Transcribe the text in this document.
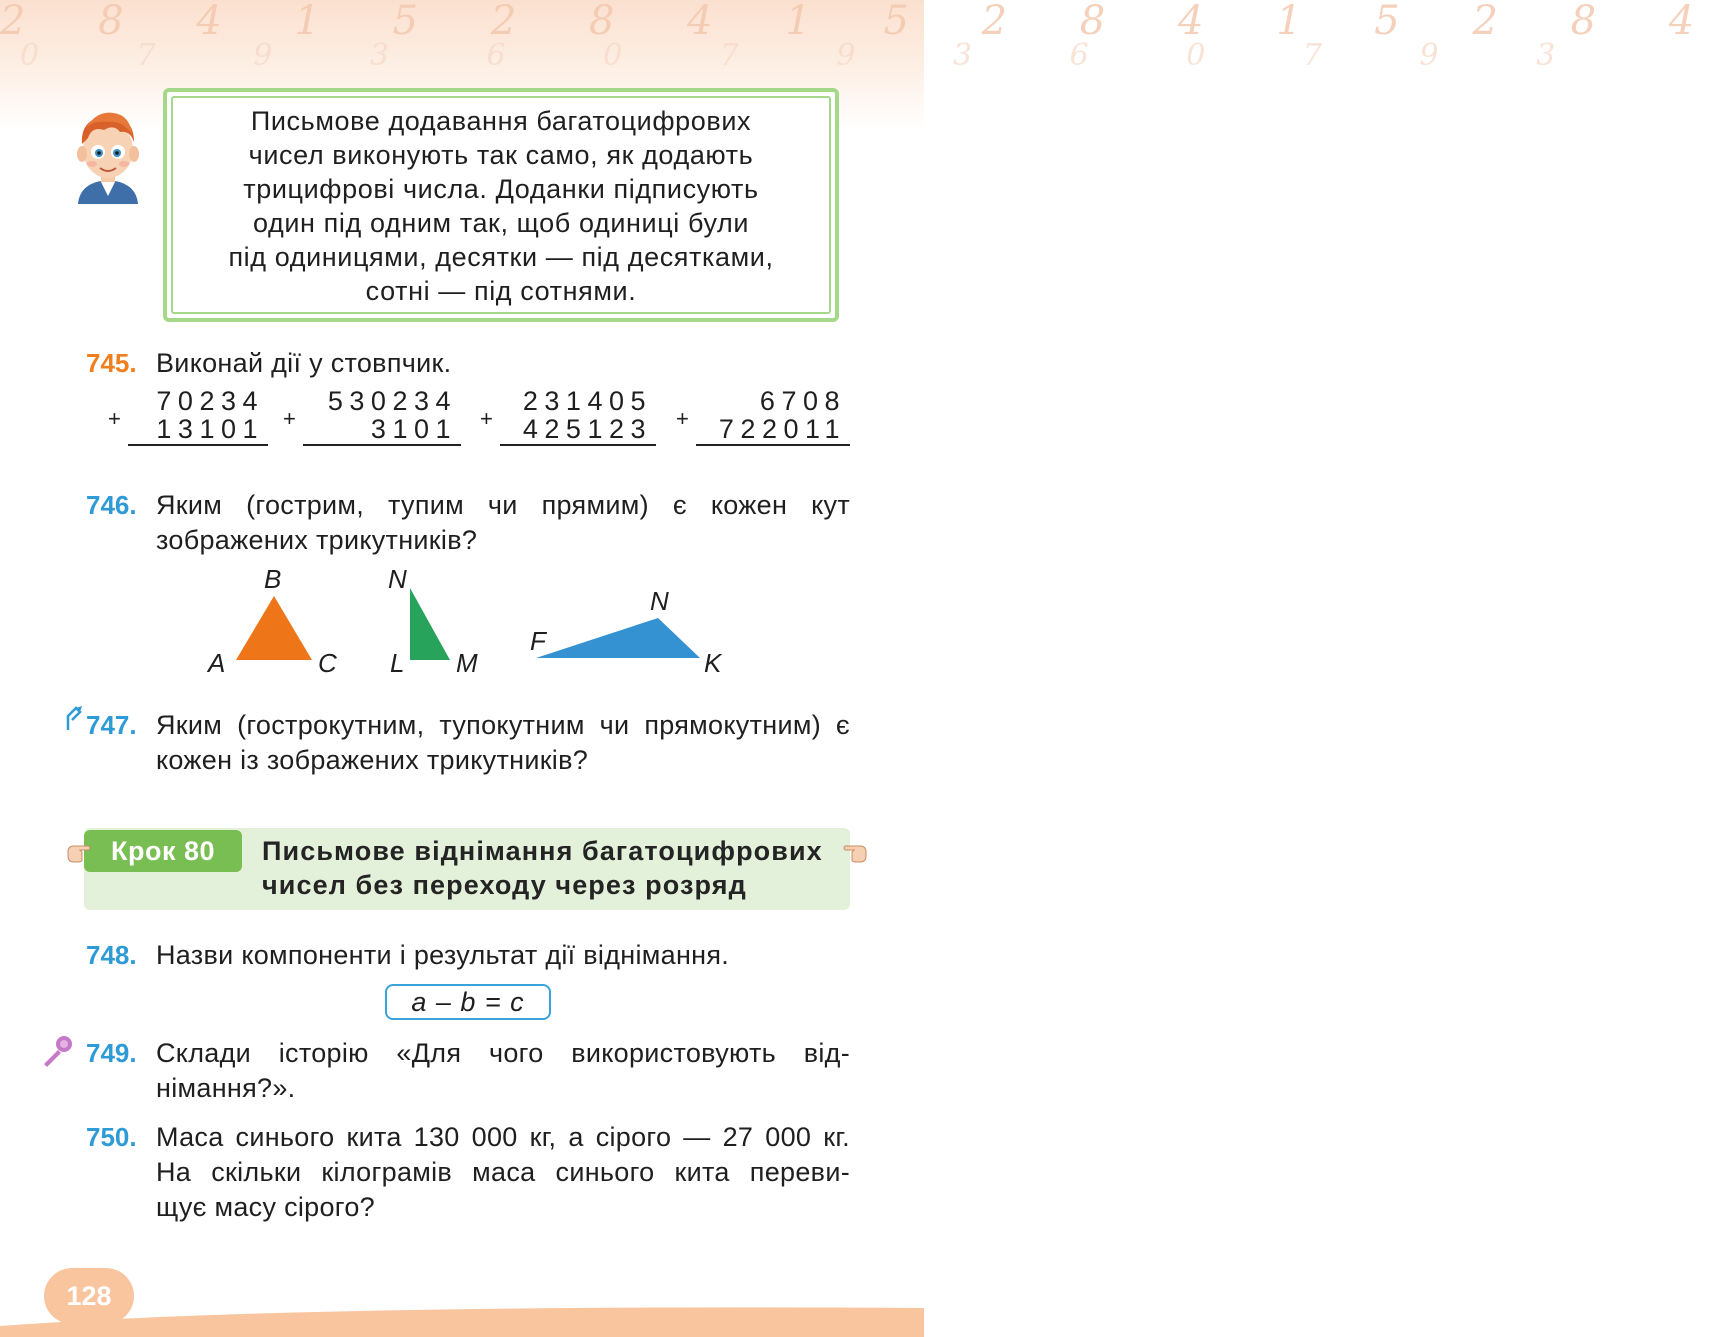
2 8 4 1 5 2 8 4 1 5 2 8 4 1 5 2 8 4
0 7 9 3 6 0 7 9 3 6 0 7 9 3
Письмове додавання багатоцифрових
чисел виконують так само, як додають
трицифрові числа. Доданки підписують
один під одним так, щоб одиниці були
під одиницями, десятки — під десятками,
сотні — під сотнями.
745. Виконай дії у стовпчик.
+
70234
13101 +
530234
3101 +
231405
425123 +
6708
722011
746. Яким (гострим, тупим чи прямим) є кожен кут зображених трикутників?
B
A	C
N
L M
N
F
K
747. Яким (гострокутним, тупокутним чи прямокутним) є кожен із зображених трикутників?
Крок 80	Письмове віднімання багатоцифрових
чисел без переходу через розряд
748. Назви компоненти і результат дії віднімання.
a – b = c
749. Склади історію «Для чого використовують від-
німання?».
750. Маса синього кита 130 000 кг, а сірого — 27 000 кг.
На скільки кілограмів маса синього кита переви-
щує масу сірого?
128
